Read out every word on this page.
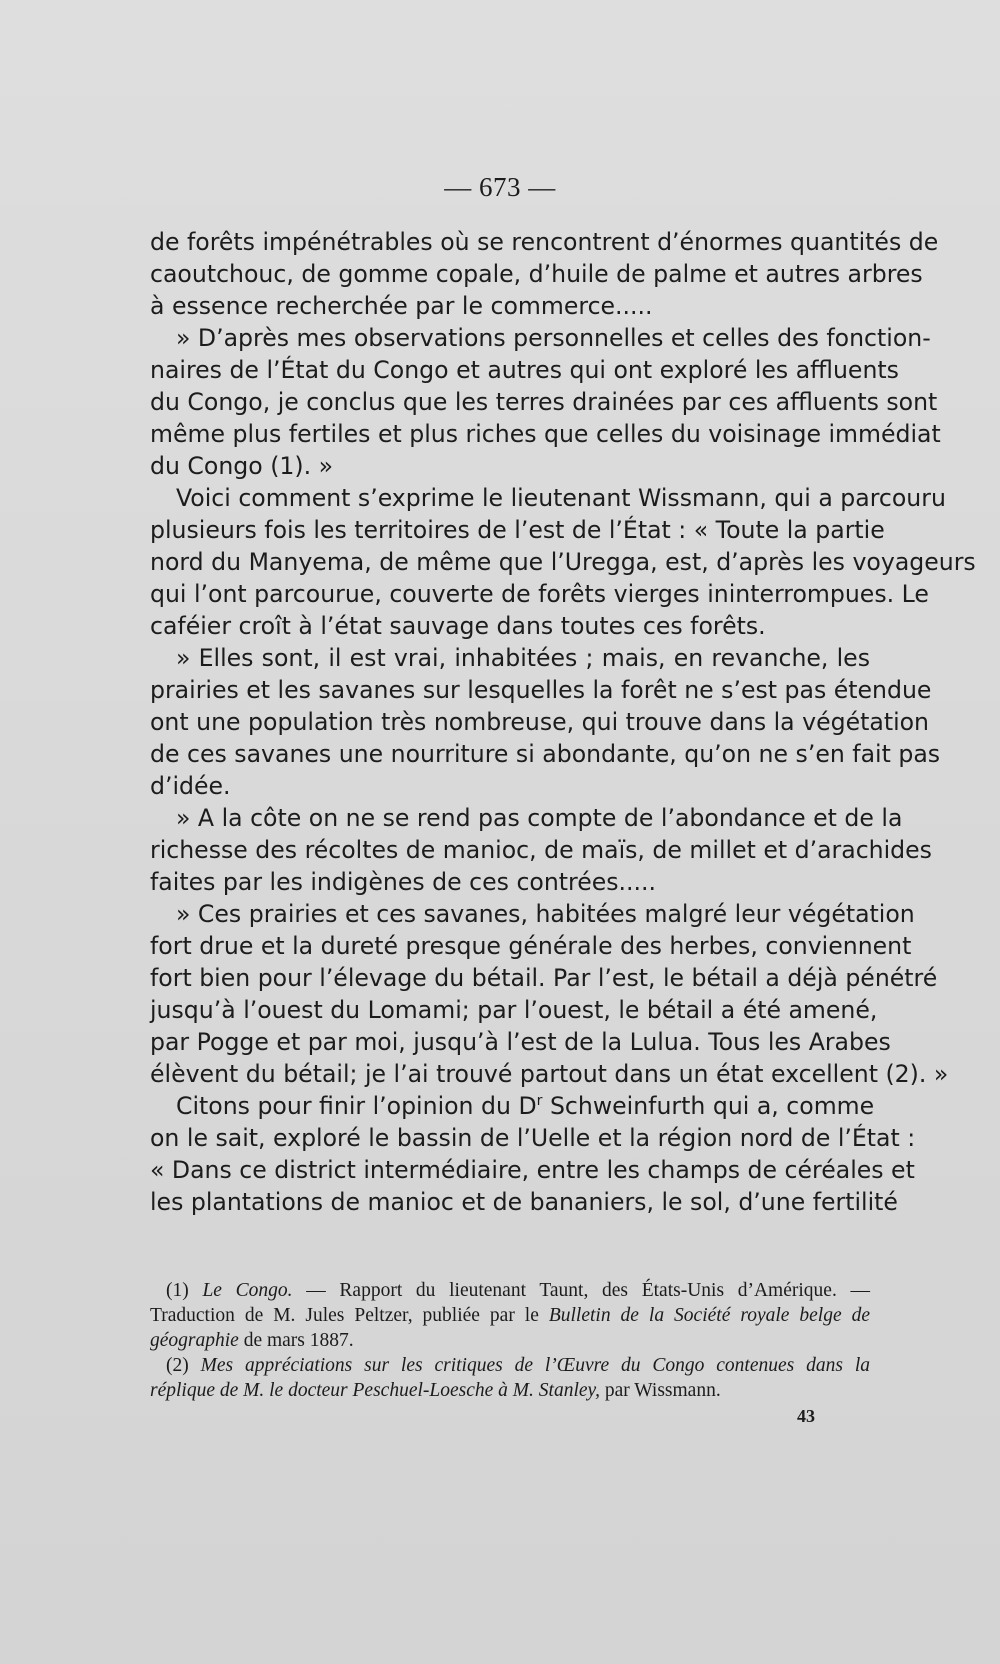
— 673 —

de forêts impénétrables où se rencontrent d’énormes quantités de
caoutchouc, de gomme copale, d’huile de palme et autres arbres
à essence recherchée par le commerce.....

» D’après mes observations personnelles et celles des fonction-
naires de l’État du Congo et autres qui ont exploré les affluents
du Congo, je conclus que les terres drainées par ces affluents sont
même plus fertiles et plus riches que celles du voisinage immédiat
du Congo (1). »

Voici comment s’exprime le lieutenant Wissmann, qui a parcouru
plusieurs fois les territoires de l’est de l’État : « Toute la partie
nord du Manyema, de même que l’Uregga, est, d’après les voyageurs
qui l’ont parcourue, couverte de forêts vierges ininterrompues. Le
caféier croît à l’état sauvage dans toutes ces forêts.

» Elles sont, il est vrai, inhabitées ; mais, en revanche, les
prairies et les savanes sur lesquelles la forêt ne s’est pas étendue
ont une population très nombreuse, qui trouve dans la végétation
de ces savanes une nourriture si abondante, qu’on ne s’en fait pas
d’idée.

» A la côte on ne se rend pas compte de l’abondance et de la
richesse des récoltes de manioc, de maïs, de millet et d’arachides
faites par les indigènes de ces contrées.....

» Ces prairies et ces savanes, habitées malgré leur végétation
fort drue et la dureté presque générale des herbes, conviennent
fort bien pour l’élevage du bétail. Par l’est, le bétail a déjà pénétré
jusqu’à l’ouest du Lomami; par l’ouest, le bétail a été amené,
par Pogge et par moi, jusqu’à l’est de la Lulua. Tous les Arabes
élèvent du bétail; je l’ai trouvé partout dans un état excellent (2). »

Citons pour finir l’opinion du $D^r$ Schweinfurth qui a, comme
on le sait, exploré le bassin de l’Uelle et la région nord de l’État :
« Dans ce district intermédiaire, entre les champs de céréales et
les plantations de manioc et de bananiers, le sol, d’une fertilité

(1) Le Congo. — Rapport du lieutenant Taunt, des États-Unis d’Amérique. —
Traduction de M. Jules Peltzer, publiée par le Bulletin de la Société royale belge de
géographie de mars 1887.
(2) Mes appréciations sur les critiques de l’Œuvre du Congo contenues dans la
réplique de M. le docteur Peschuel-Loesche à M. Stanley, par Wissmann.
43
